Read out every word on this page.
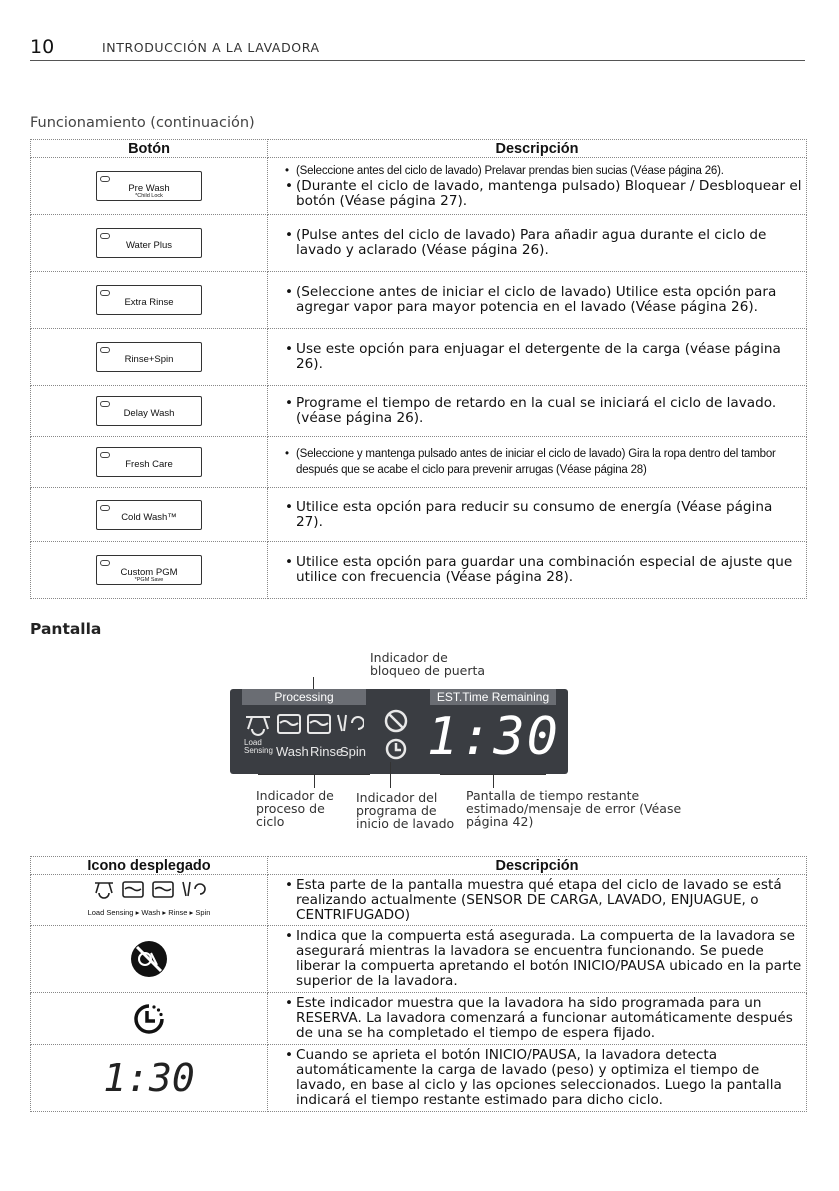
10	INTRODUCCIÓN A LA LAVADORA
Funcionamiento (continuación)
Botón	Descripción

Pre Wash
*Child Lock	• (Seleccione antes del ciclo de lavado) Prelavar prendas bien sucias (Véase página 26).
• (Durante el ciclo de lavado, mantenga pulsado) Bloquear / Desbloquear el botón (Véase página 27).

Water Plus	• (Pulse antes del ciclo de lavado) Para añadir agua durante el ciclo de lavado y aclarado (Véase página 26).

Extra Rinse	• (Seleccione antes de iniciar el ciclo de lavado) Utilice esta opción para agregar vapor para mayor potencia en el lavado (Véase página 26).

Rinse+Spin	• Use este opción para enjuagar el detergente de la carga (véase página 26).

Delay Wash	• Programe el tiempo de retardo en la cual se iniciará el ciclo de lavado. (véase página 26).

Fresh Care	• (Seleccione y mantenga pulsado antes de iniciar el ciclo de lavado) Gira la ropa dentro del tambor después que se acabe el ciclo para prevenir arrugas (Véase página 28)

Cold Wash™	• Utilice esta opción para reducir su consumo de energía (Véase página 27).

Custom PGM
*PGM Save	• Utilice esta opción para guardar una combinación especial de ajuste que utilice con frecuencia (Véase página 28).
Pantalla
Indicador de bloqueo de puerta
Processing	EST.Time Remaining
Load
Sensing Wash Rinse
Spin 1:30
Indicador de proceso de ciclo
Indicador del programa de inicio de lavado
Pantalla de tiempo restante estimado/mensaje de error (Véase página 42)
Icono desplegado	Descripción

Load Sensing ▸ Wash ▸ Rinse ▸ Spin	• Esta parte de la pantalla muestra qué etapa del ciclo de lavado se está realizando actualmente (SENSOR DE CARGA, LAVADO, ENJUAGUE, o CENTRIFUGADO)

• Indica que la compuerta está asegurada. La compuerta de la lavadora se asegurará mientras la lavadora se encuentra funcionando. Se puede liberar la compuerta apretando el botón INICIO/PAUSA ubicado en la parte superior de la lavadora.

• Este indicador muestra que la lavadora ha sido programada para un RESERVA. La lavadora comenzará a funcionar automáticamente después de una se ha completado el tiempo de espera fijado.

1:30	• Cuando se aprieta el botón INICIO/PAUSA, la lavadora detecta automáticamente la carga de lavado (peso) y optimiza el tiempo de lavado, en base al ciclo y las opciones seleccionados. Luego la pantalla indicará el tiempo restante estimado para dicho ciclo.
